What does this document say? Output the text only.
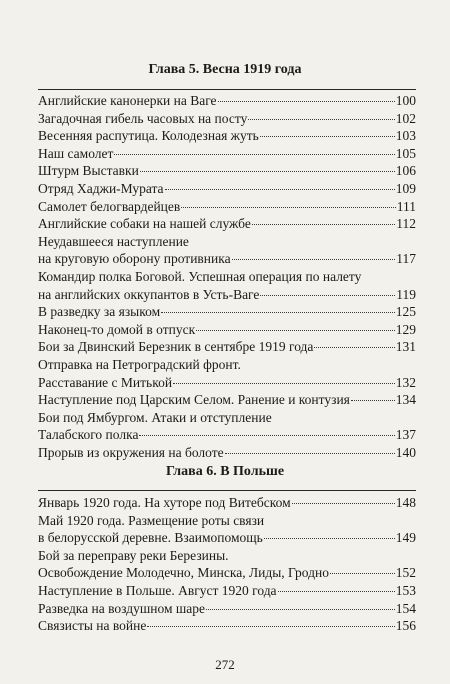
Глава 5. Весна 1919 года
Английские канонерки на Ваге	100
Загадочная гибель часовых на посту	102
Весенняя распутица. Колодезная жуть	103
Наш самолет	105
Штурм Выставки	106
Отряд Хаджи-Мурата	109
Самолет белогвардейцев	111
Английские собаки на нашей службе	112
Неудавшееся наступление
на круговую оборону противника	117
Командир полка Боговой. Успешная операция по налету
на английских оккупантов в Усть-Ваге	119
В разведку за языком	125
Наконец-то домой в отпуск	129
Бои за Двинский Березник в сентябре 1919 года	131
Отправка на Петроградский фронт.
Расставание с Митькой	132
Наступление под Царским Селом. Ранение и контузия	134
Бои под Ямбургом. Атаки и отступление
Талабского полка	137
Прорыв из окружения на болоте	140
Глава 6. В Польше
Январь 1920 года. На хуторе под Витебском	148
Май 1920 года. Размещение роты связи
в белорусской деревне. Взаимопомощь	149
Бой за переправу реки Березины.
Освобождение Молодечно, Минска, Лиды, Гродно	152
Наступление в Польше. Август 1920 года	153
Разведка на воздушном шаре	154
Связисты на войне	156
272
